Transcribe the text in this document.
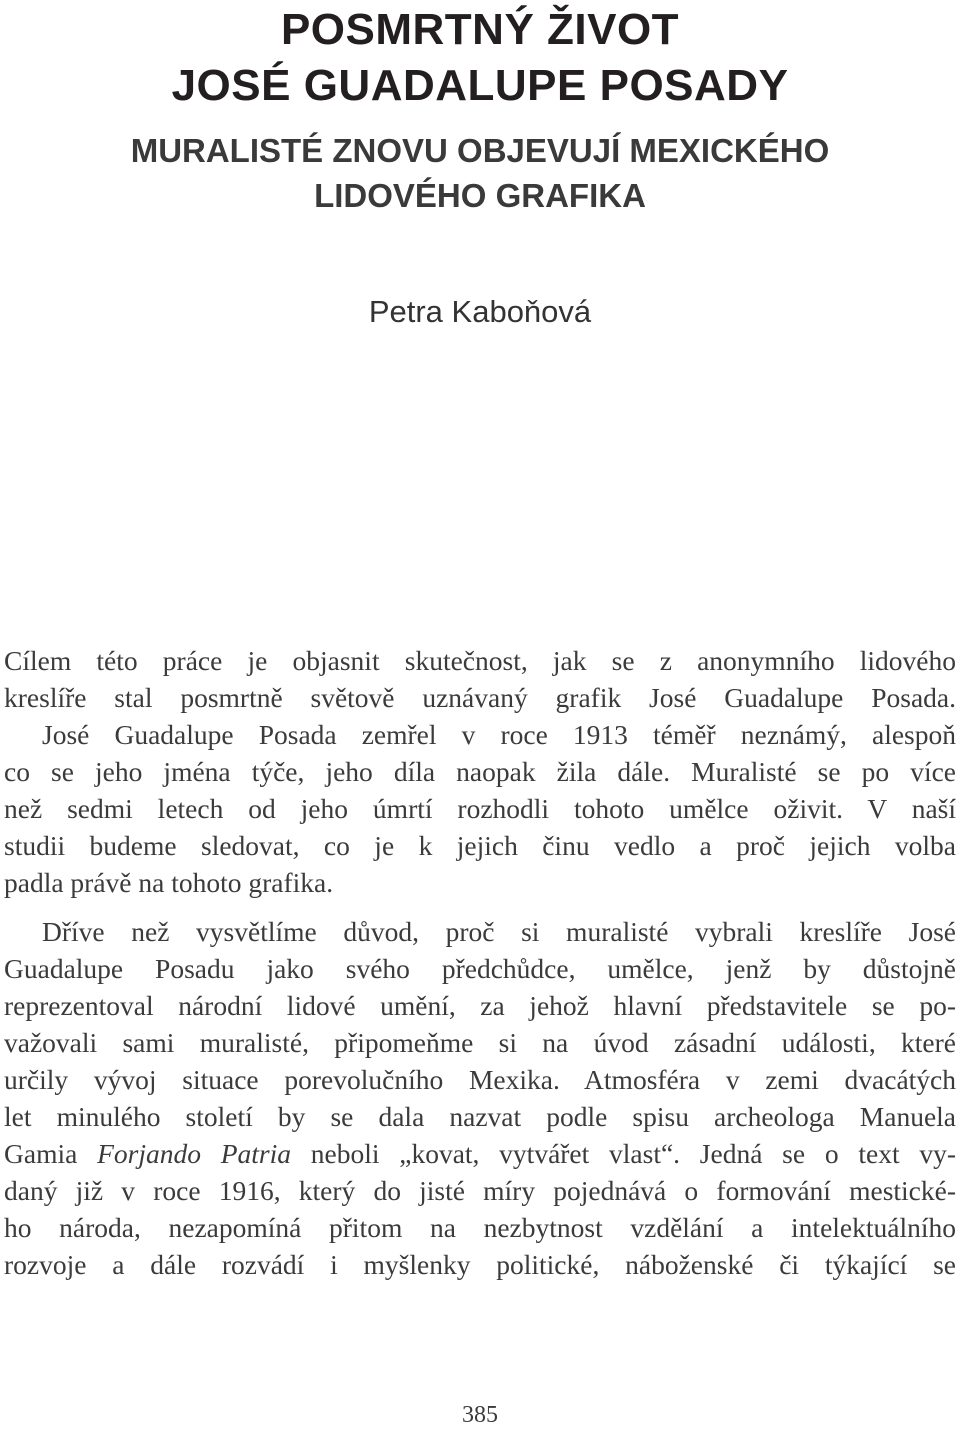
POSMRTNÝ ŽIVOT
JOSÉ GUADALUPE POSADY
MURALISTÉ ZNOVU OBJEVUJÍ MEXICKÉHO
LIDOVÉHO GRAFIKA

Petra Kaboňová

Cílem této práce je objasnit skutečnost, jak se z anonymního lidového
kreslíře stal posmrtně světově uznávaný grafik José Guadalupe Posada.
José Guadalupe Posada zemřel v roce 1913 téměř neznámý, alespoň
co se jeho jména týče, jeho díla naopak žila dále. Muralisté se po více
než sedmi letech od jeho úmrtí rozhodli tohoto umělce oživit. V naší
studii budeme sledovat, co je k jejich činu vedlo a proč jejich volba
padla právě na tohoto grafika.
Dříve než vysvětlíme důvod, proč si muralisté vybrali kreslíře José
Guadalupe Posadu jako svého předchůdce, umělce, jenž by důstojně
reprezentoval národní lidové umění, za jehož hlavní představitele se po-
važovali sami muralisté, připomeňme si na úvod zásadní události, které
určily vývoj situace porevolučního Mexika. Atmosféra v zemi dvacátých
let minulého století by se dala nazvat podle spisu archeologa Manuela
Gamia Forjando Patria neboli „kovat, vytvářet vlast“. Jedná se o text vy-
daný již v roce 1916, který do jisté míry pojednává o formování mestické-
ho národa, nezapomíná přitom na nezbytnost vzdělání a intelektuálního
rozvoje a dále rozvádí i myšlenky politické, náboženské či týkající se

385
